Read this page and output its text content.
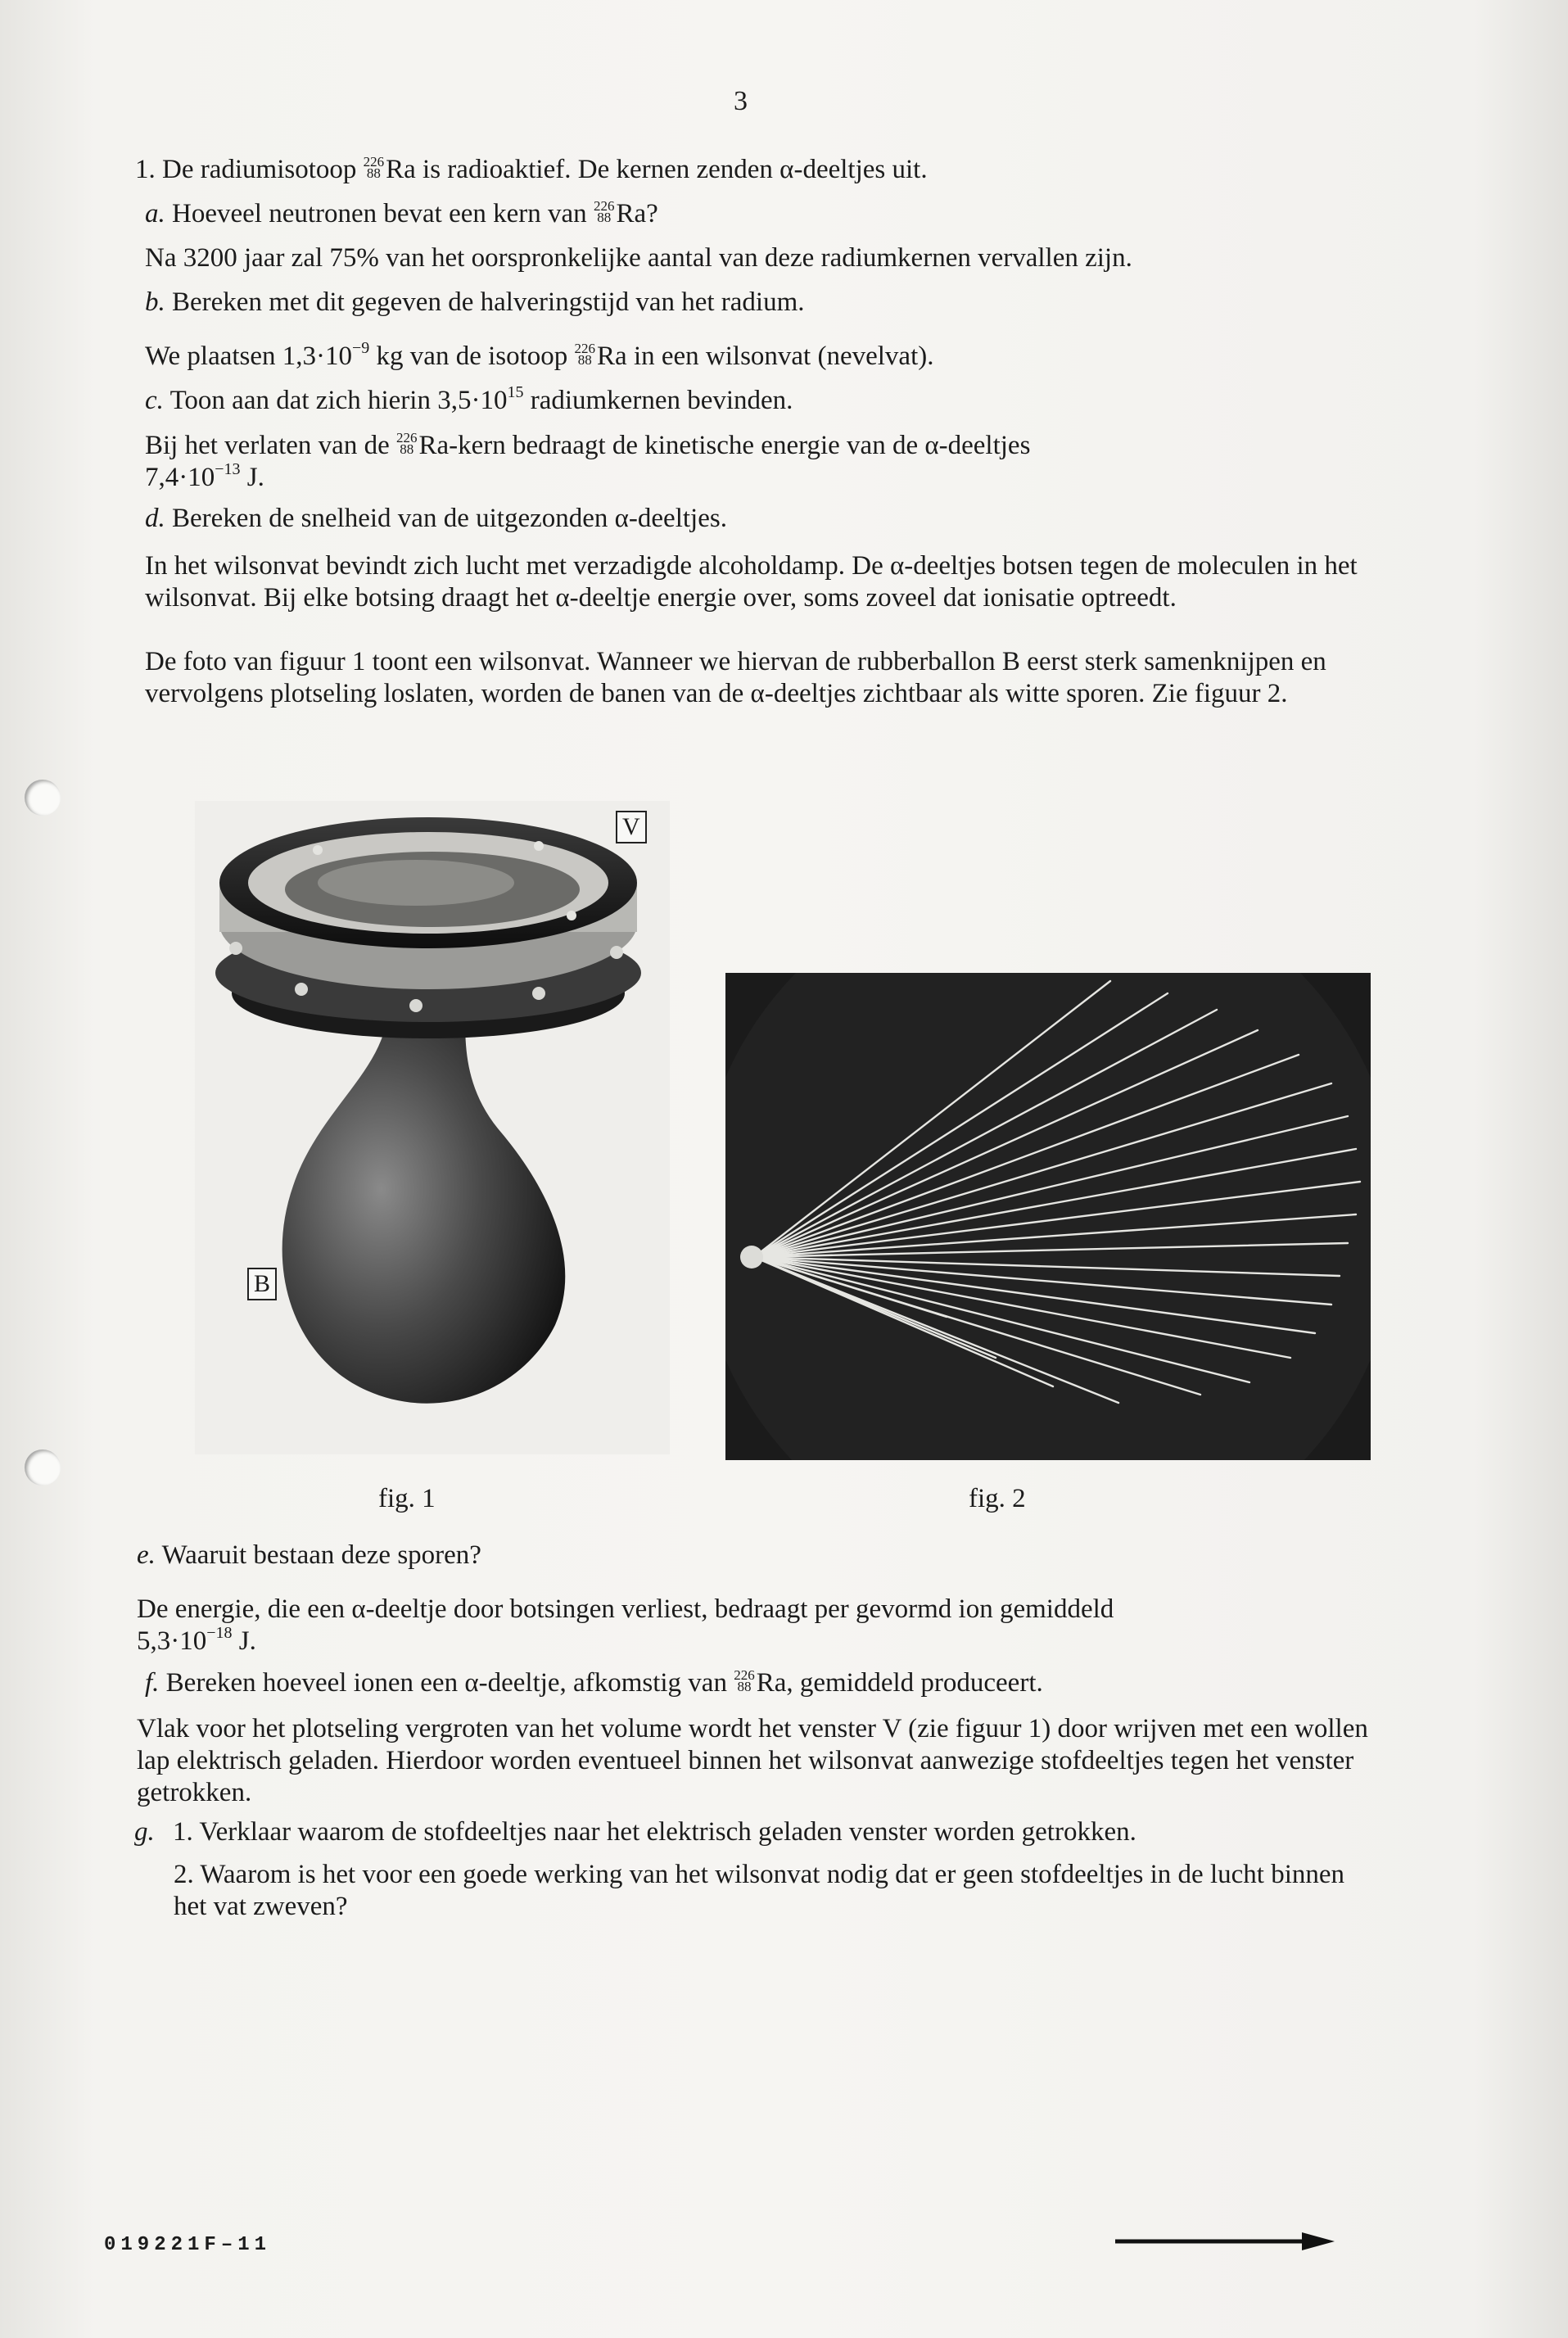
3
1. De radiumisotoop 226
88 Ra is radioaktief. De kernen zenden α-deeltjes uit.
a. Hoeveel neutronen bevat een kern van 226
88 Ra?
Na 3200 jaar zal 75% van het oorspronkelijke aantal van deze radiumkernen vervallen zijn.
b. Bereken met dit gegeven de halveringstijd van het radium.
We plaatsen $1,3\cdot 10^{-9}$ kg van de isotoop 226
88 Ra in een wilsonvat (nevelvat).
c. Toon aan dat zich hierin $3,5\cdot 10^{15}$ radiumkernen bevinden.
Bij het verlaten van de 226
88 Ra-kern bedraagt de kinetische energie van de α-deeltjes
$7,4\cdot 10^{-13}$ J.
d. Bereken de snelheid van de uitgezonden α-deeltjes.
In het wilsonvat bevindt zich lucht met verzadigde alcoholdamp. De α-deeltjes botsen tegen de moleculen in het wilsonvat. Bij elke botsing draagt het α-deeltje energie over, soms zoveel dat ionisatie optreedt.
De foto van figuur 1 toont een wilsonvat. Wanneer we hiervan de rubberballon B eerst sterk samenknijpen en vervolgens plotseling loslaten, worden de banen van de α-deeltjes zichtbaar als witte sporen. Zie figuur 2.
V
B
fig. 1	fig. 2
e. Waaruit bestaan deze sporen?
De energie, die een α-deeltje door botsingen verliest, bedraagt per gevormd ion gemiddeld
$5,3\cdot 10^{-18}$ J.
f. Bereken hoeveel ionen een α-deeltje, afkomstig van 226
88 Ra, gemiddeld produceert.
Vlak voor het plotseling vergroten van het volume wordt het venster V (zie figuur 1) door wrijven met een wollen lap elektrisch geladen. Hierdoor worden eventueel binnen het wilsonvat aanwezige stofdeeltjes tegen het venster getrokken.
g. 1. Verklaar waarom de stofdeeltjes naar het elektrisch geladen venster worden getrokken.
2. Waarom is het voor een goede werking van het wilsonvat nodig dat er geen stofdeeltjes in de lucht binnen het vat zweven?
019221F–11
